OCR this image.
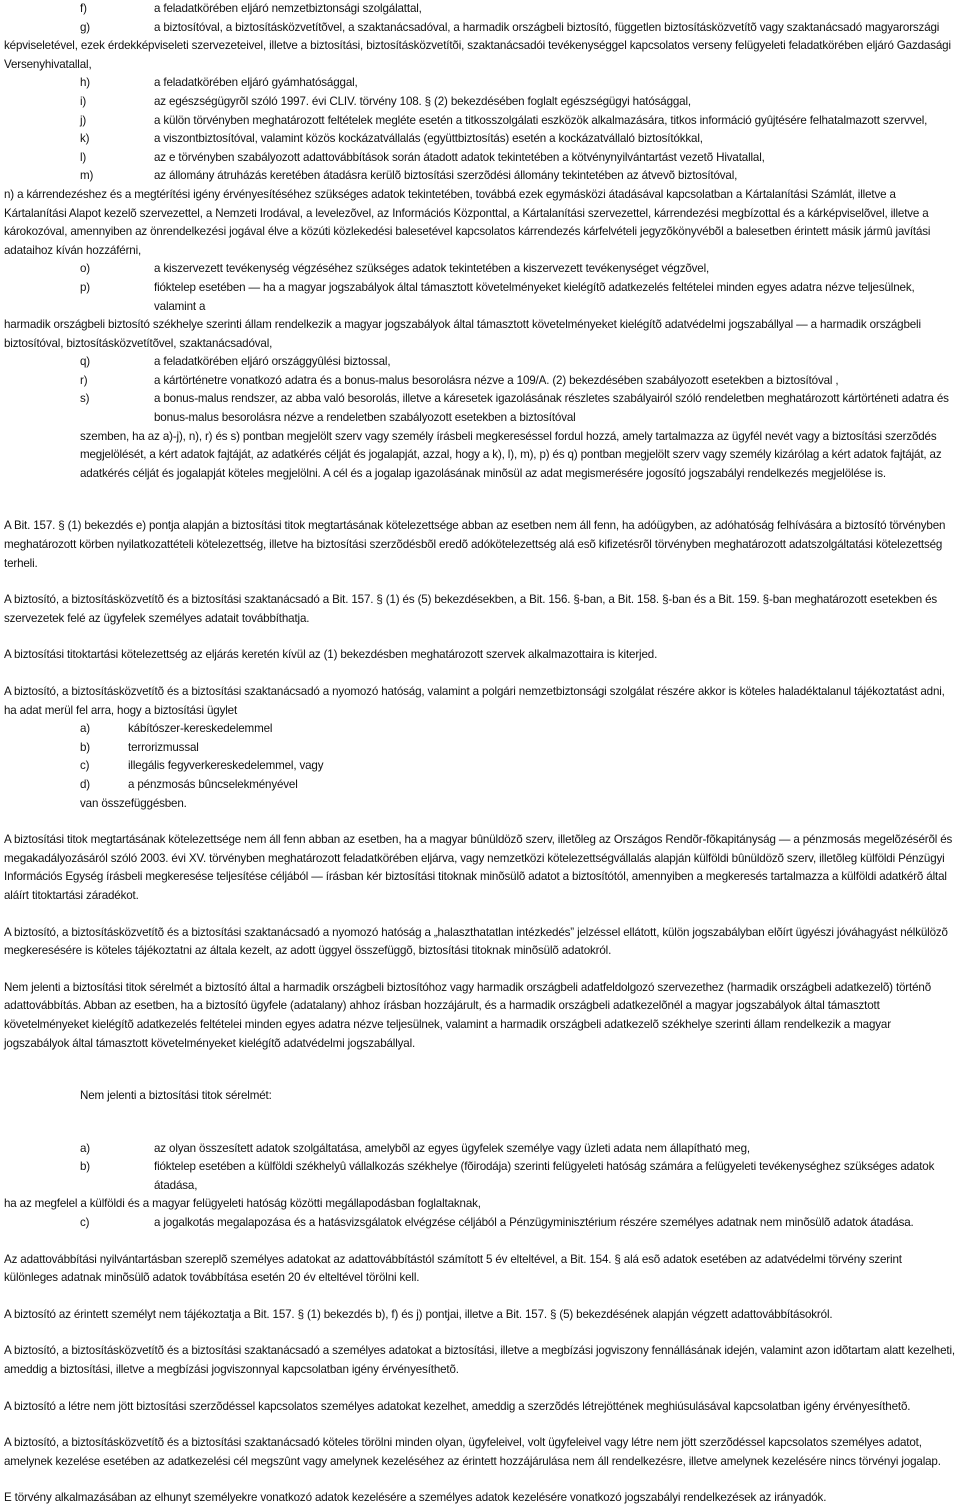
f)	a feladatkörében eljáró nemzetbiztonsági szolgálattal,
g)	a biztosítóval, a biztosításközvetítõvel, a szaktanácsadóval, a harmadik országbeli biztosító, független biztosításközvetítõ vagy szaktanácsadó magyarországi

képviseletével, ezek érdekképviseleti szervezeteivel, illetve a biztosítási, biztosításközvetítõi, szaktanácsadói tevékenységgel kapcsolatos verseny felügyeleti feladatkörében eljáró Gazdasági Versenyhivatallal,

h)	a feladatkörében eljáró gyámhatósággal,
i)	az egészségügyrõl szóló 1997. évi CLIV. törvény 108. § (2) bekezdésében foglalt egészségügyi hatósággal,
j)	a külön törvényben meghatározott feltételek megléte esetén a titkosszolgálati eszközök alkalmazására, titkos információ gyûjtésére felhatalmazott szervvel,
k)	a viszontbiztosítóval, valamint közös kockázatvállalás (együttbiztosítás) esetén a kockázatvállaló biztosítókkal,
l)	az e törvényben szabályozott adattovábbítások során átadott adatok tekintetében a kötvénynyilvántartást vezetõ Hivatallal,
m)	az állomány átruházás keretében átadásra kerülõ biztosítási szerzõdési állomány tekintetében az átvevõ biztosítóval,

n) a kárrendezéshez és a megtérítési igény érvényesítéséhez szükséges adatok tekintetében, továbbá ezek egymásközi átadásával kapcsolatban a Kártalanítási Számlát, illetve a Kártalanítási Alapot kezelõ szervezettel, a Nemzeti Irodával, a levelezõvel, az Információs Központtal, a Kártalanítási szervezettel, kárrendezési megbízottal és a kárképviselõvel, illetve a károkozóval, amennyiben az önrendelkezési jogával élve a közúti közlekedési balesetével kapcsolatos kárrendezés kárfelvételi jegyzõkönyvébõl a balesetben érintett másik jármû javítási adataihoz kíván hozzáférni,

o)	a kiszervezett tevékenység végzéséhez szükséges adatok tekintetében a kiszervezett tevékenységet végzõvel,
p)	fióktelep esetében — ha a magyar jogszabályok által támasztott követelményeket kielégítõ adatkezelés feltételei minden egyes adatra nézve teljesülnek, valamint a

harmadik országbeli biztosító székhelye szerinti állam rendelkezik a magyar jogszabályok által támasztott követelményeket kielégítõ adatvédelmi jogszabállyal — a harmadik országbeli biztosítóval, biztosításközvetítõvel, szaktanácsadóval,

q)	a feladatkörében eljáró országgyûlési biztossal,
r)	a kártörténetre vonatkozó adatra és a bonus-malus besorolásra nézve a 109/A. (2) bekezdésében szabályozott esetekben a biztosítóval ,
s)	a bonus-malus rendszer, az abba való besorolás, illetve a káresetek igazolásának részletes szabályairól szóló rendeletben meghatározott kártörténeti adatra és bonus-malus besorolásra nézve a rendeletben szabályozott esetekben a biztosítóval

szemben, ha az a)-j), n), r) és s) pontban megjelölt szerv vagy személy írásbeli megkereséssel fordul hozzá, amely tartalmazza az ügyfél nevét vagy a biztosítási szerzõdés megjelölését, a kért adatok fajtáját, az adatkérés célját és jogalapját, azzal, hogy a k), l), m), p) és q) pontban megjelölt szerv vagy személy kizárólag a kért adatok fajtáját, az adatkérés célját és jogalapját köteles megjelölni. A cél és a jogalap igazolásának minõsül az adat megismerésére jogosító jogszabályi rendelkezés megjelölése is.

A Bit. 157. § (1) bekezdés e) pontja alapján a biztosítási titok megtartásának kötelezettsége abban az esetben nem áll fenn, ha adóügyben, az adóhatóság felhívására a biztosító törvényben meghatározott körben nyilatkozattételi kötelezettség, illetve ha biztosítási szerzõdésbõl eredõ adókötelezettség alá esõ kifizetésrõl törvényben meghatározott adatszolgáltatási kötelezettség terheli.

A biztosító, a biztosításközvetítõ és a biztosítási szaktanácsadó a Bit. 157. § (1) és (5) bekezdésekben, a Bit. 156. §-ban, a Bit. 158. §-ban és a Bit. 159. §-ban meghatározott esetekben és szervezetek felé az ügyfelek személyes adatait továbbíthatja.

A biztosítási titoktartási kötelezettség az eljárás keretén kívül az (1) bekezdésben meghatározott szervek alkalmazottaira is kiterjed.

A biztosító, a biztosításközvetítõ és a biztosítási szaktanácsadó a nyomozó hatóság, valamint a polgári nemzetbiztonsági szolgálat részére akkor is köteles haladéktalanul tájékoztatást adni, ha adat merül fel arra, hogy a biztosítási ügylet

a)	kábítószer-kereskedelemmel
b)	terrorizmussal
c)	illegális fegyverkereskedelemmel, vagy
d)	a pénzmosás bûncselekményével

van összefüggésben.

A biztosítási titok megtartásának kötelezettsége nem áll fenn abban az esetben, ha a magyar bûnüldözõ szerv, illetõleg az Országos Rendõr-fõkapitányság — a pénzmosás megelõzésérõl és megakadályozásáról szóló 2003. évi XV. törvényben meghatározott feladatkörében eljárva, vagy nemzetközi kötelezettségvállalás alapján külföldi bûnüldözõ szerv, illetõleg külföldi Pénzügyi Információs Egység írásbeli megkeresése teljesítése céljából — írásban kér biztosítási titoknak minõsülõ adatot a biztosítótól, amennyiben a megkeresés tartalmazza a külföldi adatkérõ által aláírt titoktartási záradékot.

A biztosító, a biztosításközvetítõ és a biztosítási szaktanácsadó a nyomozó hatóság a „halaszthatatlan intézkedés” jelzéssel ellátott, külön jogszabályban elõírt ügyészi jóváhagyást nélkülözõ megkeresésére is köteles tájékoztatni az általa kezelt, az adott üggyel összefüggõ, biztosítási titoknak minõsülõ adatokról.

Nem jelenti a biztosítási titok sérelmét a biztosító által a harmadik országbeli biztosítóhoz vagy harmadik országbeli adatfeldolgozó szervezethez (harmadik országbeli adatkezelõ) történõ adattovábbítás. Abban az esetben, ha a biztosító ügyfele (adatalany) ahhoz írásban hozzájárult, és a harmadik országbeli adatkezelõnél a magyar jogszabályok által támasztott követelményeket kielégítõ adatkezelés feltételei minden egyes adatra nézve teljesülnek, valamint a harmadik országbeli adatkezelõ székhelye szerinti állam rendelkezik a magyar jogszabályok által támasztott követelményeket kielégítõ adatvédelmi jogszabállyal.

Nem jelenti a biztosítási titok sérelmét:

a)	az olyan összesített adatok szolgáltatása, amelybõl az egyes ügyfelek személye vagy üzleti adata nem állapítható meg,
b)	fióktelep esetében a külföldi székhelyû vállalkozás székhelye (fõirodája) szerinti felügyeleti hatóság számára a felügyeleti tevékenységhez szükséges adatok átadása,

ha az megfelel a külföldi és a magyar felügyeleti hatóság közötti megállapodásban foglaltaknak,

c)	a jogalkotás megalapozása és a hatásvizsgálatok elvégzése céljából a Pénzügyminisztérium részére személyes adatnak nem minõsülõ adatok átadása.

Az adattovábbítási nyilvántartásban szereplõ személyes adatokat az adattovábbítástól számított 5 év elteltével, a Bit. 154. § alá esõ adatok esetében az adatvédelmi törvény szerint különleges adatnak minõsülõ adatok továbbítása esetén 20 év elteltével törölni kell.

A biztosító az érintett személyt nem tájékoztatja a Bit. 157. § (1) bekezdés b), f) és j) pontjai, illetve a Bit. 157. § (5) bekezdésének alapján végzett adattovábbításokról.

A biztosító, a biztosításközvetítõ és a biztosítási szaktanácsadó a személyes adatokat a biztosítási, illetve a megbízási jogviszony fennállásának idején, valamint azon idõtartam alatt kezelheti, ameddig a biztosítási, illetve a megbízási jogviszonnyal kapcsolatban igény érvényesíthetõ.

A biztosító a létre nem jött biztosítási szerzõdéssel kapcsolatos személyes adatokat kezelhet, ameddig a szerzõdés létrejöttének meghiúsulásával kapcsolatban igény érvényesíthetõ.

A biztosító, a biztosításközvetítõ és a biztosítási szaktanácsadó köteles törölni minden olyan, ügyfeleivel, volt ügyfeleivel vagy létre nem jött szerzõdéssel kapcsolatos személyes adatot, amelynek kezelése esetében az adatkezelési cél megszûnt vagy amelynek kezeléséhez az érintett hozzájárulása nem áll rendelkezésre, illetve amelynek kezelésére nincs törvényi jogalap.

E törvény alkalmazásában az elhunyt személyekre vonatkozó adatok kezelésére a személyes adatok kezelésére vonatkozó jogszabályi rendelkezések az irányadók.
